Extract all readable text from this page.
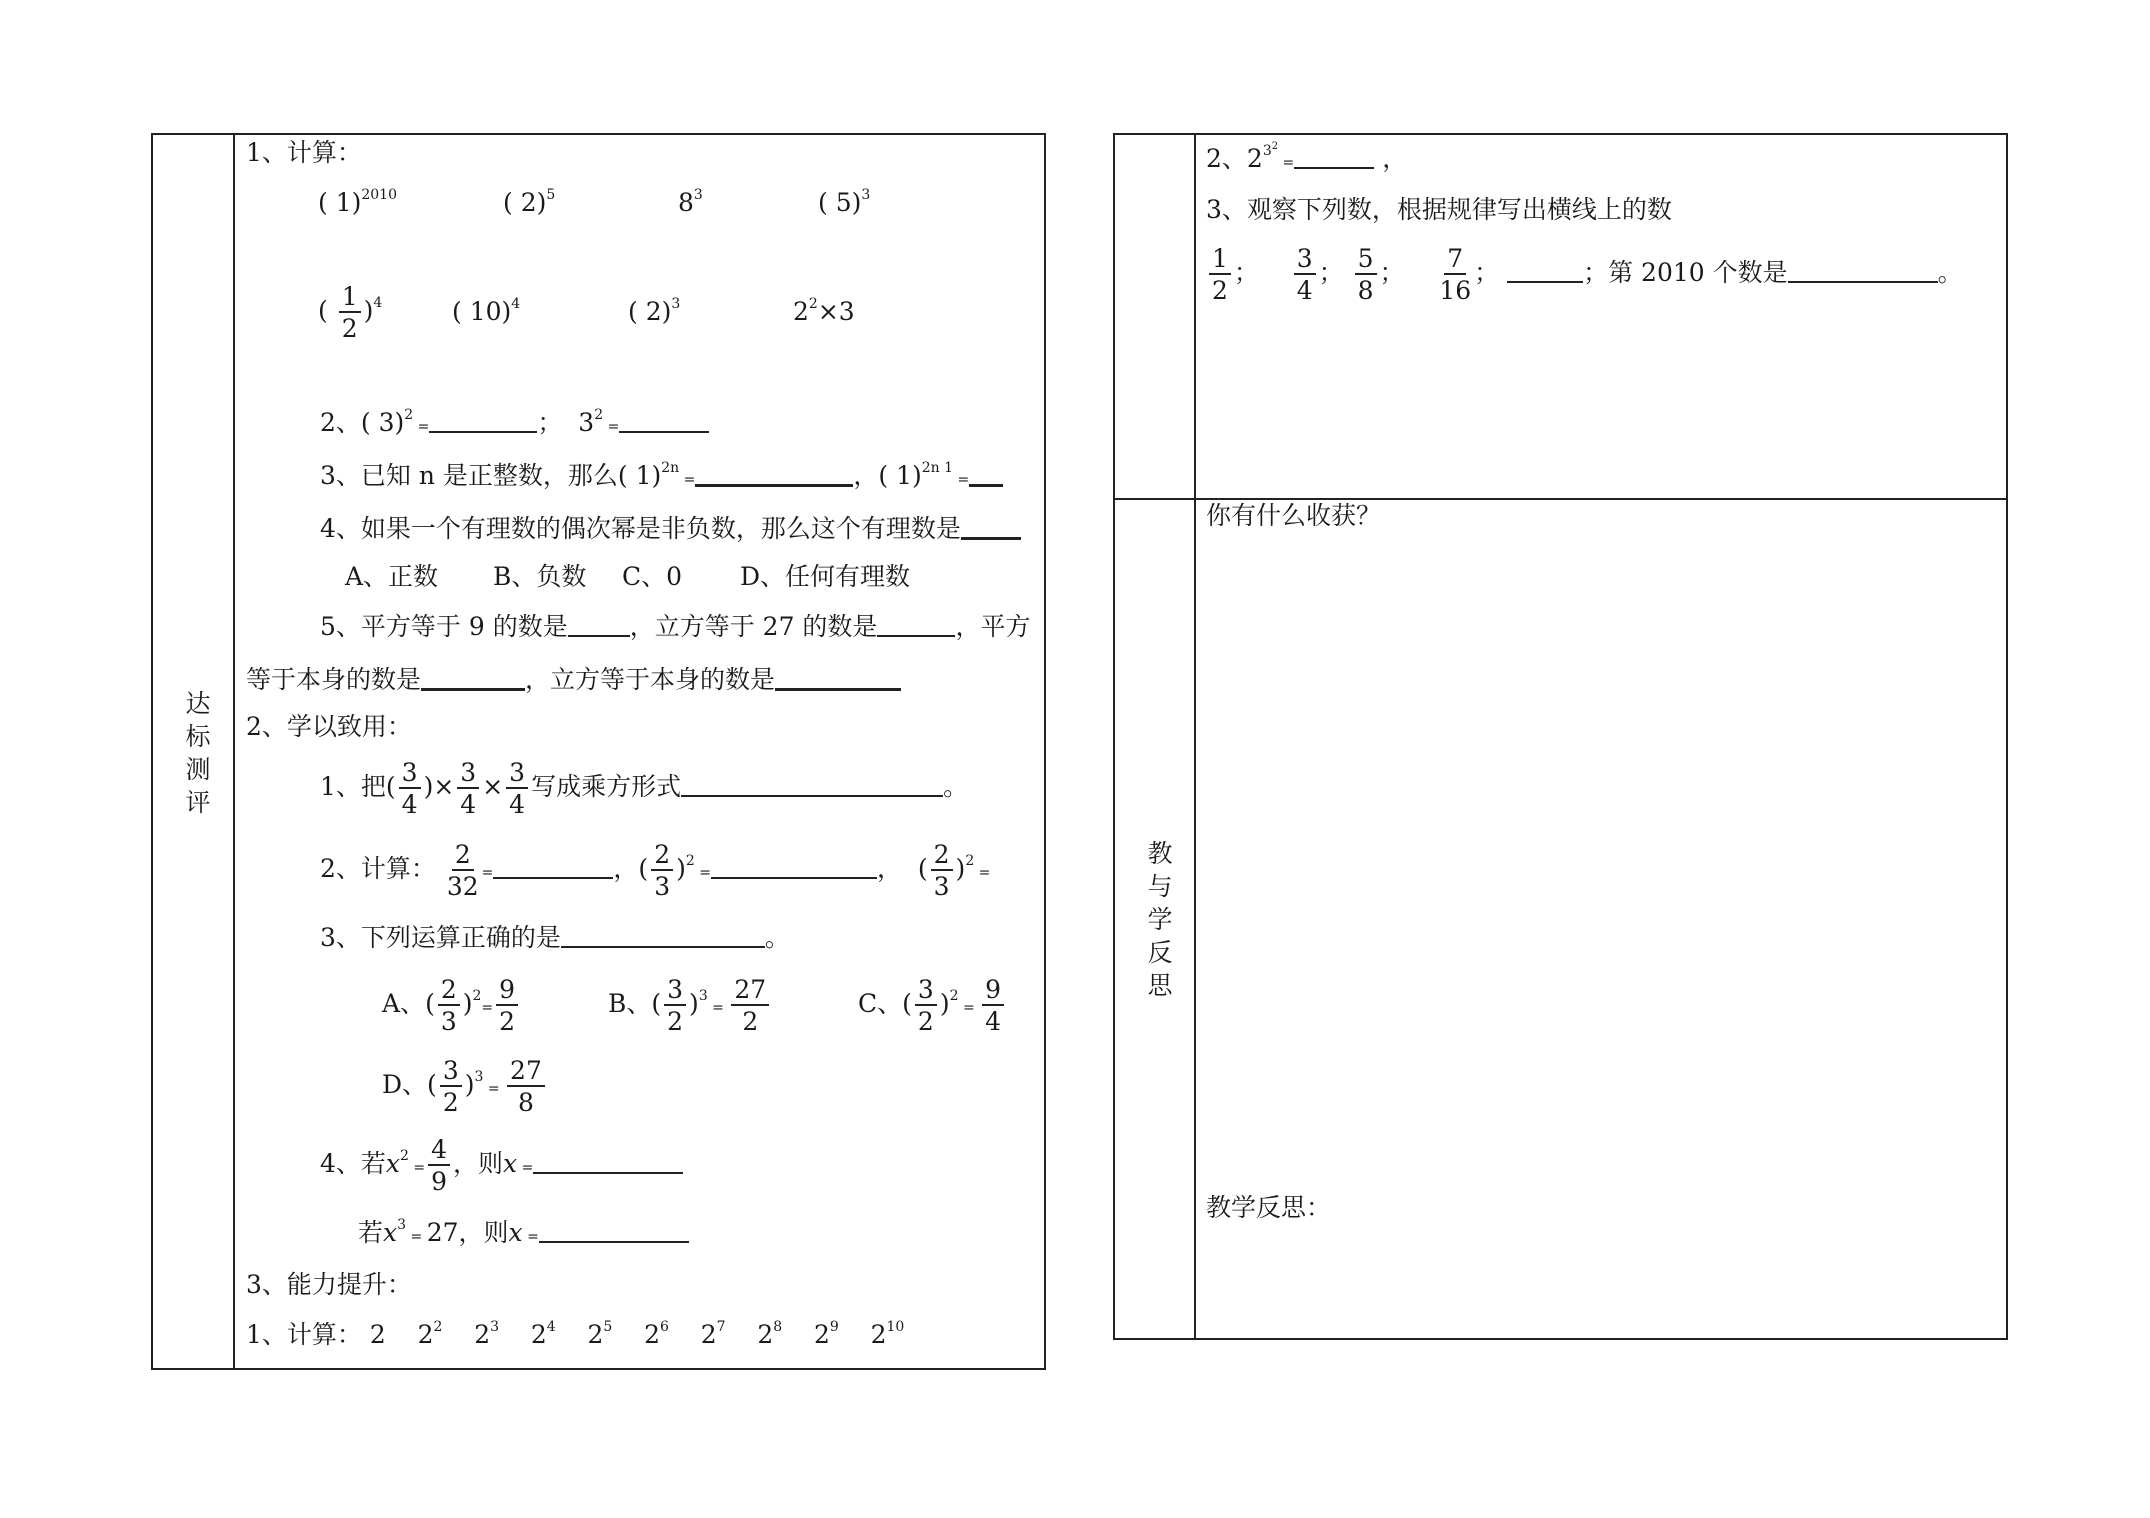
达标测评
1、计算：
( 1)$^{2010}$	( 2)$^5$	$8^3$	( 5)$^3$
( $\frac{1}{2} )^4$	( 10)$^4$	( 2)$^3$	$2^2\times 3$
2、( 3)$^2$ =	； $3^2$ =
3、已知 n 是正整数，那么( 1)$^{2n}$ =	，( 1)$^{2n 1}$ =
4、如果一个有理数的偶次幂是非负数，那么这个有理数是
A、正数 B、负数 C、0 D、任何有理数
5、平方等于 9 的数是 ，立方等于 27 的数是	，平方
等于本身的数是	，立方等于本身的数是
2、学以致用：
1、把( $\frac{3}{4}$ )× $\frac{3}{4} \times \frac{3}{4}$ 写成乘方形式	。
2、计算： $\frac{2}{32}$ =	，( $\frac{2}{3} )^2$ =	，  ( $\frac{2}{3} )^2$ =
3、下列运算正确的是	。
A、( $\frac{2}{3} )^2= \frac{9}{2}$	B、( $\frac{3}{2} )^3 = \frac{27}{2}$	C、( $\frac{3}{2} )^2 = \frac{9}{4}$
D、( $\frac{3}{2} )^3 = \frac{27}{8}$
4、若$x^2 = \frac{4}{9}$ ，则x =
若$x^3 = 27$，则x =
3、能力提升：
1、计算： 2 $2^2$ $2^3$ $2^4$ $2^5$ $2^6$ $2^7$ $2^8$ $2^9$ $2^{10}$
2、$2^{3^2}$ =	，
3、观察下列数，根据规律写出横线上的数
$\frac{1}{2}$ ； $\frac{3}{4}$ ； $\frac{5}{8}$ ； $\frac{7}{16}$ ；	；第 2010 个数是	。
教与学反思
你有什么收获？
教学反思：
